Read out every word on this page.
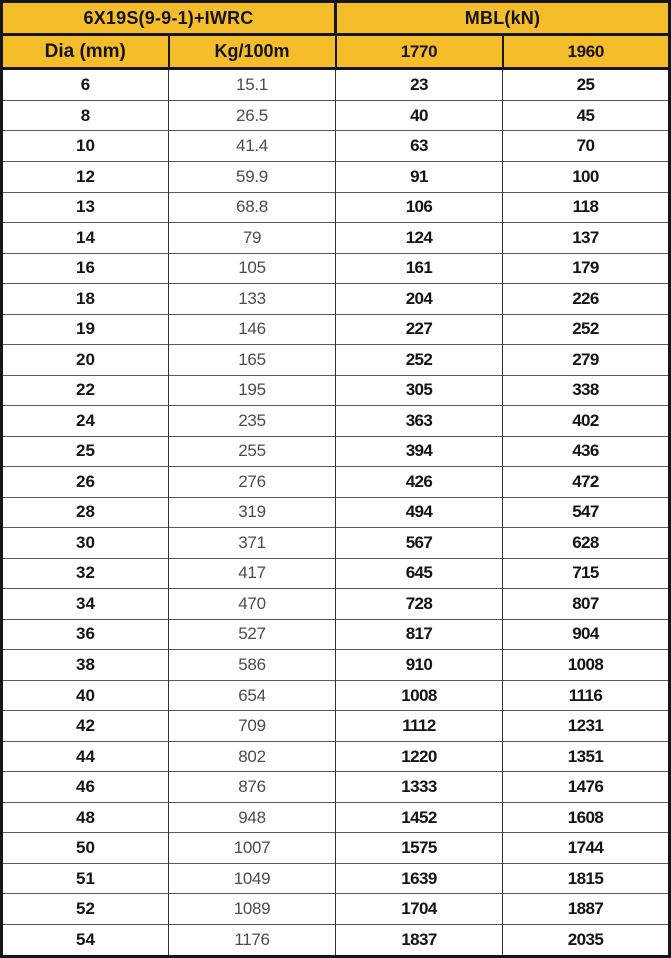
6X19S(9-9-1)+IWRC		MBL(kN)	
Dia (mm)	Kg/100m	1770	1960
6	15.1	23	25
8	26.5	40	45
10	41.4	63	70
12	59.9	91	100
13	68.8	106	118
14	79	124	137
16	105	161	179
18	133	204	226
19	146	227	252
20	165	252	279
22	195	305	338
24	235	363	402
25	255	394	436
26	276	426	472
28	319	494	547
30	371	567	628
32	417	645	715
34	470	728	807
36	527	817	904
38	586	910	1008
40	654	1008	1116
42	709	1112	1231
44	802	1220	1351
46	876	1333	1476
48	948	1452	1608
50	1007	1575	1744
51	1049	1639	1815
52	1089	1704	1887
54	1176	1837	2035
